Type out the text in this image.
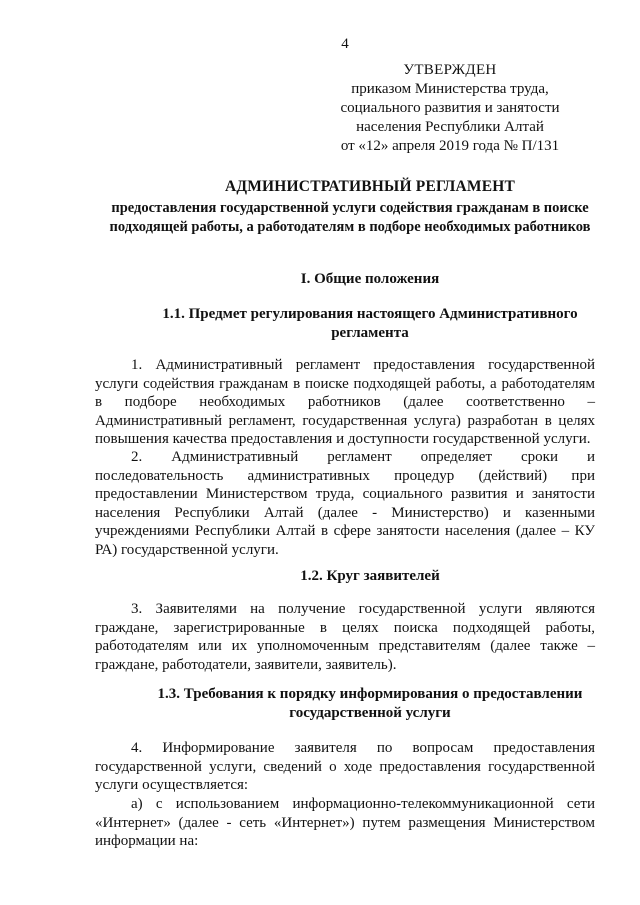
4
УТВЕРЖДЕН
приказом Министерства труда,
социального развития и занятости
населения Республики Алтай
от «12» апреля 2019 года № П/131
АДМИНИСТРАТИВНЫЙ РЕГЛАМЕНТ
предоставления государственной услуги содействия гражданам в поиске подходящей работы, а работодателям в подборе необходимых работников
I. Общие положения
1.1. Предмет регулирования настоящего Административного регламента
1. Административный регламент предоставления государственной услуги содействия гражданам в поиске подходящей работы, а работодателям в подборе необходимых работников (далее соответственно – Административный регламент, государственная услуга) разработан в целях повышения качества предоставления и доступности государственной услуги.
2. Административный регламент определяет сроки и последовательность административных процедур (действий) при предоставлении Министерством труда, социального развития и занятости населения Республики Алтай (далее - Министерство) и казенными учреждениями Республики Алтай в сфере занятости населения (далее – КУ РА) государственной услуги.
1.2. Круг заявителей
3. Заявителями на получение государственной услуги являются граждане, зарегистрированные в целях поиска подходящей работы, работодателям или их уполномоченным представителям (далее также – граждане, работодатели, заявители, заявитель).
1.3. Требования к порядку информирования о предоставлении государственной услуги
4. Информирование заявителя по вопросам предоставления государственной услуги, сведений о ходе предоставления государственной услуги осуществляется:
а) с использованием информационно-телекоммуникационной сети «Интернет» (далее - сеть «Интернет») путем размещения Министерством информации на:
